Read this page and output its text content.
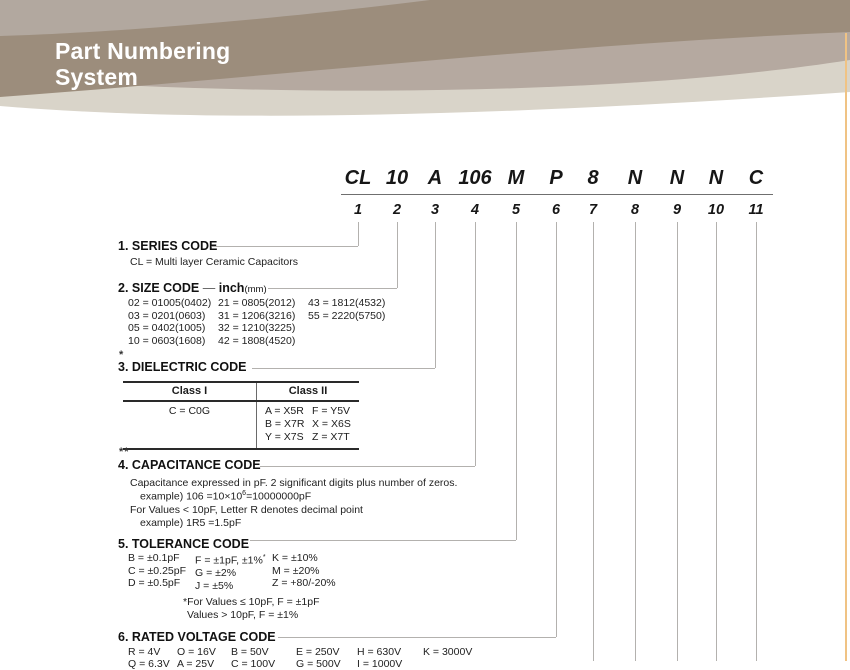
Part Numbering
System
CL 10 A 106 M P 8 N N N C
1 2 3 4 5 6 7 8 9 10 11
1. SERIES CODE
CL = Multi layer Ceramic Capacitors
2. SIZE CODE — inch(mm)
02 = 01005(0402)
03 = 0201(0603)
05 = 0402(1005)
10 = 0603(1608)
21 = 0805(2012)
31 = 1206(3216)
32 = 1210(3225)
42 = 1808(4520)
43 = 1812(4532)
55 = 2220(5750)
*
3. DIELECTRIC CODE
Class I	Class II
C = C0G	A = X5R F = Y5V
B = X7R X = X6S
Y = X7S Z = X7T
**
4. CAPACITANCE CODE
Capacitance expressed in pF. 2 significant digits plus number of zeros.
example) $106 =10\times 10^6=10000000pF$
For Values < 10pF, Letter R denotes decimal point
example) 1R5 =1.5pF
5. TOLERANCE CODE
B = ±0.1pF
C = ±0.25pF
D = ±0.5pF
F = ±1pF, ±1%*
G = ±2%
J = ±5%
K = ±10%
M = ±20%
Z = +80/-20%
*For Values ≤ 10pF, F = ±1pF
Values > 10pF, F = ±1%
6. RATED VOLTAGE CODE
R = 4V	O = 16V	B = 50V	E = 250V	H = 630V	K = 3000V
Q = 6.3V A = 25V	C = 100V	G = 500V	I = 1000V
